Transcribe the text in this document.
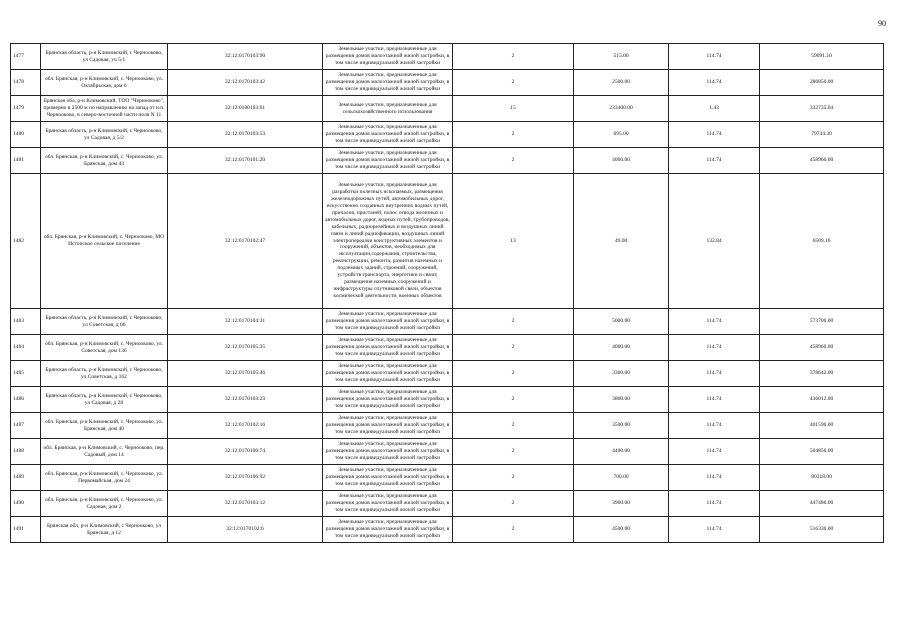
90
1477	Брянская область, р-н Климовский, с Чернооково, ул Садовая, уч 5/1	32:12:0170103:90	Земельные участки, предназначенные для размещения домов малоэтажной жилой застройки, в том числе индивидуальной жилой застройки	2	515.00	114.74	59091.10
1478	обл. Брянская, р-н Климовский, с. Чернооково, ул. Октябрьская, дом 6	32:12:0170103:42	Земельные участки, предназначенные для размещения домов малоэтажной жилой застройки, в том числе индивидуальной жилой застройки	2	2500.00	114.74	286850.00
1479	Брянская обл, р-н Климовский, ТОО "Чернооково", примерно в 2500 м по направлению на запад от н.п. Чернооково, в северо-восточной части поля N 11	32:12:0180103:61	Земельные участки, предназначенные для сельскохозяйственного использования	15	233400.00	1.43	332735.04
1480	Брянская область, р-н Климовский, с Чернооково, ул Садовая, д 5/2	32:12:0170103:53	Земельные участки, предназначенные для размещения домов малоэтажной жилой застройки, в том числе индивидуальной жилой застройки	2	695.00	114.74	79744.30
1481	обл. Брянская, р-н Климовский, с. Чернооково, ул. Брянская, дом 43	32:12:0170101:20	Земельные участки, предназначенные для размещения домов малоэтажной жилой застройки, в том числе индивидуальной жилой застройки	2	4000.00	114.74	458960.00
1482	обл. Брянская, р-н Климовский, с. Чернооково, МО Истопское сельское поселение	32:12:0170102:47	Земельные участки, предназначенные для разработки полезных ископаемых, размещения железнодорожных путей, автомобильных дорог, искусственно созданных внутренних водных путей, причалов, пристаней, полос отвода железных и автомобильных дорог, водных путей, трубопроводов, кабельных, радиорелейных и воздушных линий связи и линий радиофикации, воздушных линий электропередачи конструктивных элементов и сооружений, объектов, необходимых для эксплуатации,содержания, строительства, реконструкции, ремонта, развития наземных и подземных зданий, строений, сооружений, устройств транспорта, энергетики и связи; размещения наземных сооружений и инфраструктуры спутниковой связи, объектов космической деятельности, военных объектов	13	49.00	132.84	6509.16
1483	Брянская область, р-н Климовский, с Чернооково, ул Советская, д 66	32:12:0170104:31	Земельные участки, предназначенные для размещения домов малоэтажной жилой застройки, в том числе индивидуальной жилой застройки	2	5000.00	114.74	573700.00
1484	обл. Брянская, р-н Климовский, с. Чернооково, ул. Советская, дом 136	32:12:0170105:35	Земельные участки, предназначенные для размещения домов малоэтажной жилой застройки, в том числе индивидуальной жилой застройки	2	4000.00	114.74	458960.00
1485	Брянская область, р-н Климовский, с Чернооково, ул Советская, д 162	32:12:0170105:46	Земельные участки, предназначенные для размещения домов малоэтажной жилой застройки, в том числе индивидуальной жилой застройки	2	3300.00	114.74	378642.00
1486	Брянская область, р-н Климовский, с Чернооково, ул Садовая, д 28	32:12:0170103:23	Земельные участки, предназначенные для размещения домов малоэтажной жилой застройки, в том числе индивидуальной жилой застройки	2	3800.00	114.74	436012.00
1487	обл. Брянская, р-н Климовский, с. Чернооково, ул. Брянская, дом 40	32:12:0170102:16	Земельные участки, предназначенные для размещения домов малоэтажной жилой застройки, в том числе индивидуальной жилой застройки	2	3500.00	114.74	401590.00
1488	обл. Брянская, р-н Климовский, с. Чернооково, пер. Садовый, дом 14	32:12:0170106:74	Земельные участки, предназначенные для размещения домов малоэтажной жилой застройки, в том числе индивидуальной жилой застройки	2	4400.00	114.74	504856.00
1489	обл. Брянская, р-н Климовский, с. Чернооково, ул. Первомайская, дом 24	32:12:0170106:92	Земельные участки, предназначенные для размещения домов малоэтажной жилой застройки, в том числе индивидуальной жилой застройки	2	700.00	114.74	80318.00
1490	обл. Брянская, р-н Климовский, с. Чернооково, ул. Садовая, дом 2	32:12:0170103:12	Земельные участки, предназначенные для размещения домов малоэтажной жилой застройки, в том числе индивидуальной жилой застройки	2	3900.00	114.74	447486.00
1491	Брянская обл, р-н Климовский, с Чернооково, ул Брянская, д 12	32:12:0170102:6	Земельные участки, предназначенные для размещения домов малоэтажной жилой застройки, в том числе индивидуальной жилой застройки	2	4500.00	114.74	516330.00
